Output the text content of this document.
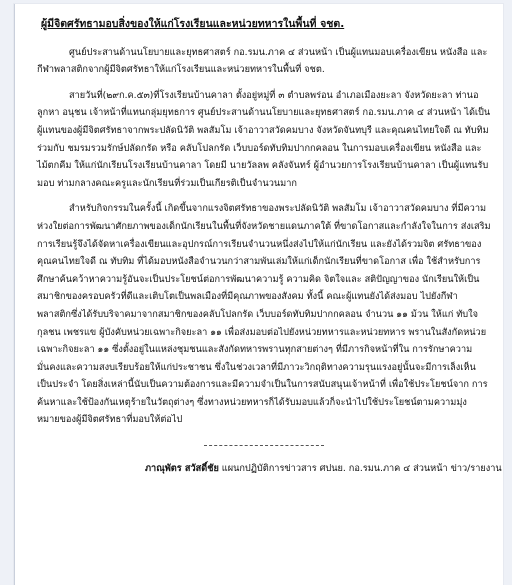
ผู้มีจิตศรัทธามอบสิ่งของให้แก่โรงเรียนและหน่วยทหารในพื้นที่ จชต.

ศูนย์ประสานด้านนโยบายและยุทธศาสตร์ กอ.รมน.ภาค ๔ ส่วนหน้า เป็นผู้แทนมอบเครื่องเขียน หนังสือ และกีฬาพลาสติกจากผู้มีจิตศรัทธาให้แก่โรงเรียนและหน่วยทหารในพื้นที่ จชต.

สายวันที่(๒๙ก.ค.๕๓)ที่โรงเรียนบ้านคาลา ตั้งอยู่หมู่ที่ ๓ ตำบลพร่อน อำเภอเมืองยะลา จังหวัดยะลา ท่านอ ลูกหา อนุชน เจ้าหน้าที่แทนกลุ่มยุทธการ ศูนย์ประสานด้านนโยบายและยุทธศาสตร์ กอ.รมน.ภาค ๔ ส่วนหน้า ได้เป็นผู้แทนของผู้มีจิตศรัทธาจากพระปลัดนิวัติ พลสัมโม เจ้าอาวาสวัดคมบาง จังหวัดจันทบุรี และคุณคนไทยใจดี ณ ทับทิม ร่วมกับ ชมรมรวมรักษ์ปลัดกรัด หรือ คลับโปลกรัด เว็บบอร์ดทับทิมปากกคลอน ในการมอบเครื่องเขียน หนังสือ และไม้ตกคีม ให้แก่นักเรียนโรงเรียนบ้านคาลา โดยมี นายวัลลพ คลังจันทร์ ผู้อำนวยการโรงเรียนบ้านคาลา เป็นผู้แทนรับมอบ ท่ามกลางคณะครูและนักเรียนที่ร่วมเป็นเกียรติเป็นจำนวนมาก

สำหรับกิจกรรมในครั้งนี้ เกิดขึ้นจากแรงจิตศรัทธาของพระปลัดนิวัติ พลสัมโม เจ้าอาวาสวัดคมบาง ที่มีความห่วงใยต่อการพัฒนาศักยภาพของเด็กนักเรียนในพื้นที่จังหวัดชายแดนภาคใต้ ที่ขาดโอกาสและกำลังใจในการ ส่งเสริมการเรียนรู้จึงได้จัดหาเครื่องเขียนและอุปกรณ์การเรียนจำนวนหนึ่งส่งไปให้แก่นักเรียน และยังได้รวมจิต ศรัทธาของคุณคนไทยใจดี ณ ทับทิม ที่ได้มอบหนังสือจำนวนกว่าสามพันเล่มให้แก่เด็กนักเรียนที่ขาดโอกาส เพื่อ ใช้สำหรับการศึกษาค้นคว้าหาความรู้อันจะเป็นประโยชน์ต่อการพัฒนาความรู้ ความคิด จิตใจและ สติปัญญาของ นักเรียนให้เป็นสมาชิกของครอบครัวที่ดีและเติบโตเป็นพลเมืองที่มีคุณภาพของสังคม ทั้งนี้ คณะผู้แทนยังได้ส่งมอบ ไปยังกีฬาพลาสติกซึ่งได้รับบริจาคมาจากสมาชิกของคลับโปลกรัด เว็บบอร์ดทับทิมปากกคลอน จำนวน ๑๑ ม้วน ให้แก่ ทับใจ กุลชน เพชรแข ผู้บังคับหน่วยเฉพาะกิจยะลา ๑๑ เพื่อส่งมอบต่อไปยังหน่วยทหารและหน่วยทหาร พรานในสังกัดหน่วยเฉพาะกิจยะลา ๑๑ ซึ่งตั้งอยู่ในแหล่งชุมชนและสังกัดทหารพรานทุกสายต่างๆ ที่มีภารกิจหน้าที่ใน การรักษาความมั่นคงและความสงบเรียบร้อยให้แก่ประชาชน ซึ่งในช่วงเวลาที่มีภาวะวิกฤติทางความรุนแรงอยู่นั้นจะมีการเล็งเห็น เป็นประจำ โดยสิ่งเหล่านี้นับเป็นความต้องการและมีความจำเป็นในการสนับสนุนเจ้าหน้าที่ เพื่อใช้ประโยชน์จาก การค้นหาและใช้ป้องกันเหตุร้ายในวัตถุต่างๆ ซึ่งทางหน่วยทหารก็ได้รับมอบแล้วก็จะนำไปใช้ประโยชน์ตามความมุ่ง หมายของผู้มีจิตศรัทธาที่มอบให้ต่อไป

ภาณุพัตร สวัสดิ์ชัย แผนกปฏิบัติการข่าวสาร ศปนย. กอ.รมน.ภาค ๔ ส่วนหน้า ข่าว/รายงาน
